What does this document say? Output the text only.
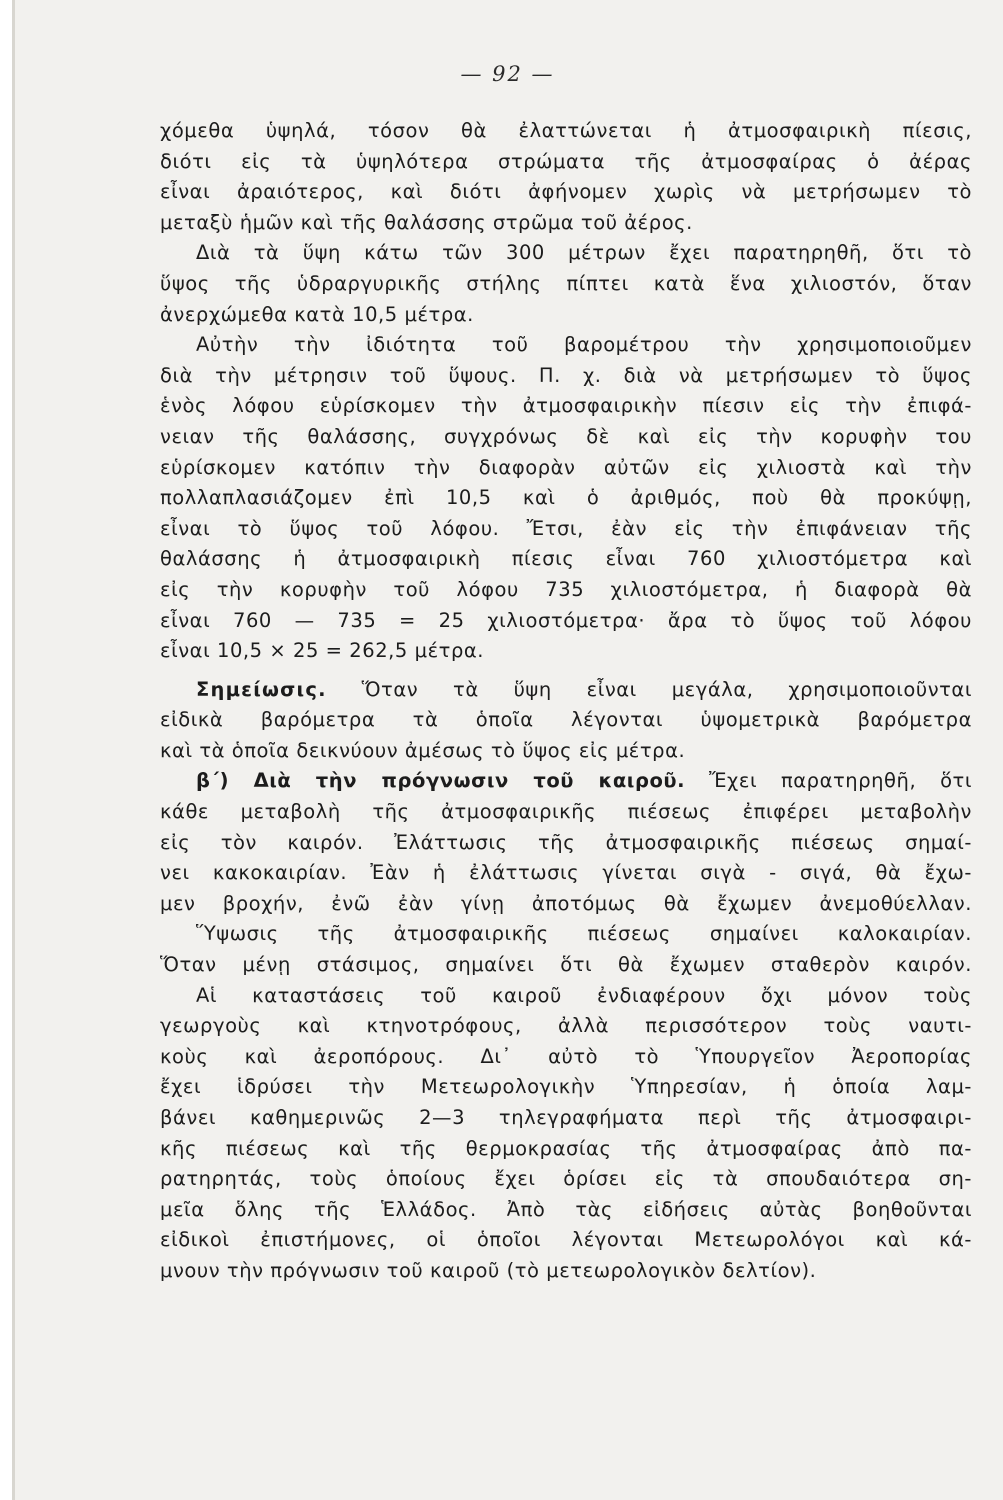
— 92 —
χόμεθα ὑψηλά, τόσον θὰ ἐλαττώνεται ἡ ἀτμοσφαιρικὴ πίεσις,
διότι εἰς τὰ ὑψηλότερα στρώματα τῆς ἀτμοσφαίρας ὁ ἀέρας
εἶναι ἀραιότερος, καὶ διότι ἀφήνομεν χωρὶς νὰ μετρήσωμεν τὸ
μεταξὺ ἡμῶν καὶ τῆς θαλάσσης στρῶμα τοῦ ἀέρος.
Διὰ τὰ ὕψη κάτω τῶν 300 μέτρων ἔχει παρατηρηθῆ, ὅτι τὸ
ὕψος τῆς ὑδραργυρικῆς στήλης πίπτει κατὰ ἕνα χιλιοστόν, ὅταν
ἀνερχώμεθα κατὰ 10,5 μέτρα.
Αὐτὴν τὴν ἰδιότητα τοῦ βαρομέτρου τὴν χρησιμοποιοῦμεν
διὰ τὴν μέτρησιν τοῦ ὕψους. Π. χ. διὰ νὰ μετρήσωμεν τὸ ὕψος
ἑνὸς λόφου εὑρίσκομεν τὴν ἀτμοσφαιρικὴν πίεσιν εἰς τὴν ἐπιφά-
νειαν τῆς θαλάσσης, συγχρόνως δὲ καὶ εἰς τὴν κορυφὴν του
εὑρίσκομεν κατόπιν τὴν διαφορὰν αὐτῶν εἰς χιλιοστὰ καὶ τὴν
πολλαπλασιάζομεν ἐπὶ 10,5 καὶ ὁ ἀριθμός, ποὺ θὰ προκύψῃ,
εἶναι τὸ ὕψος τοῦ λόφου. Ἔτσι, ἐὰν εἰς τὴν ἐπιφάνειαν τῆς
θαλάσσης ἡ ἀτμοσφαιρικὴ πίεσις εἶναι 760 χιλιοστόμετρα καὶ
εἰς τὴν κορυφὴν τοῦ λόφου 735 χιλιοστόμετρα, ἡ διαφορὰ θὰ
εἶναι 760 — 735 = 25 χιλιοστόμετρα· ἄρα τὸ ὕψος τοῦ λόφου
εἶναι 10,5 × 25 = 262,5 μέτρα.
Σημείωσις. Ὅταν τὰ ὕψη εἶναι μεγάλα, χρησιμοποιοῦνται
εἰδικὰ βαρόμετρα τὰ ὁποῖα λέγονται ὑψομετρικὰ βαρόμετρα
καὶ τὰ ὁποῖα δεικνύουν ἀμέσως τὸ ὕψος εἰς μέτρα.
β΄) Διὰ τὴν πρόγνωσιν τοῦ καιροῦ. Ἔχει παρατηρηθῆ, ὅτι
κάθε μεταβολὴ τῆς ἀτμοσφαιρικῆς πιέσεως ἐπιφέρει μεταβολὴν
εἰς τὸν καιρόν. Ἐλάττωσις τῆς ἀτμοσφαιρικῆς πιέσεως σημαί-
νει κακοκαιρίαν. Ἐὰν ἡ ἐλάττωσις γίνεται σιγὰ - σιγά, θὰ ἔχω-
μεν βροχήν, ἐνῶ ἐὰν γίνῃ ἀποτόμως θὰ ἔχωμεν ἀνεμοθύελλαν.
Ὕψωσις τῆς ἀτμοσφαιρικῆς πιέσεως σημαίνει καλοκαιρίαν.
Ὅταν μένῃ στάσιμος, σημαίνει ὅτι θὰ ἔχωμεν σταθερὸν καιρόν.
Αἱ καταστάσεις τοῦ καιροῦ ἐνδιαφέρουν ὄχι μόνον τοὺς
γεωργοὺς καὶ κτηνοτρόφους, ἀλλὰ περισσότερον τοὺς ναυτι-
κοὺς καὶ ἀεροπόρους. Δι᾽ αὐτὸ τὸ Ὑπουργεῖον Ἀεροπορίας
ἔχει ἱδρύσει τὴν Μετεωρολογικὴν Ὑπηρεσίαν, ἡ ὁποία λαμ-
βάνει καθημερινῶς 2—3 τηλεγραφήματα περὶ τῆς ἀτμοσφαιρι-
κῆς πιέσεως καὶ τῆς θερμοκρασίας τῆς ἀτμοσφαίρας ἀπὸ πα-
ρατηρητάς, τοὺς ὁποίους ἔχει ὁρίσει εἰς τὰ σπουδαιότερα ση-
μεῖα ὅλης τῆς Ἑλλάδος. Ἀπὸ τὰς εἰδήσεις αὐτὰς βοηθοῦνται
εἰδικοὶ ἐπιστήμονες, οἱ ὁποῖοι λέγονται Μετεωρολόγοι καὶ κά-
μνουν τὴν πρόγνωσιν τοῦ καιροῦ (τὸ μετεωρολογικὸν δελτίον).
